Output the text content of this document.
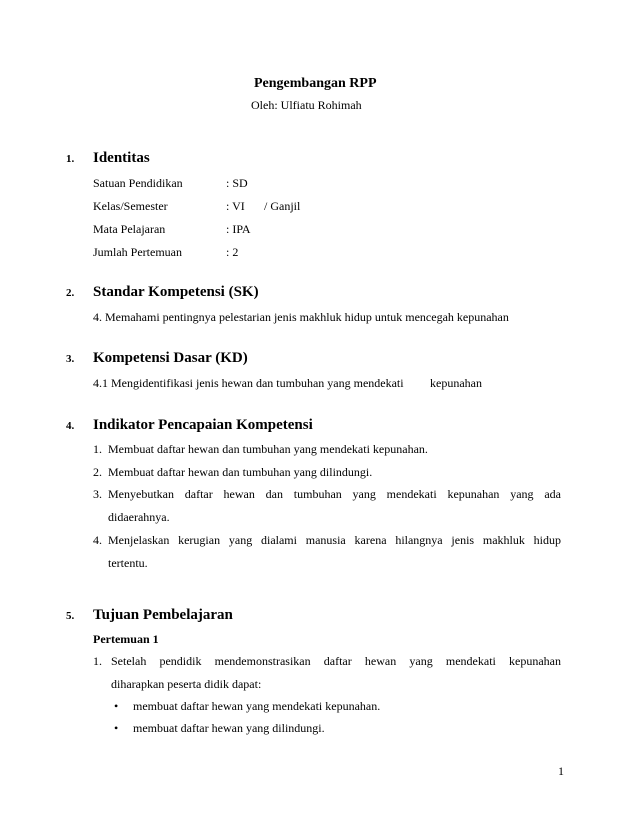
Pengembangan RPP
Oleh: Ulfiatu Rohimah
1. Identitas
Satuan Pendidikan	: SD
Kelas/Semester	: VI / Ganjil
Mata Pelajaran	: IPA
Jumlah Pertemuan	: 2
2. Standar Kompetensi (SK)
4. Memahami pentingnya pelestarian jenis makhluk hidup untuk mencegah kepunahan
3. Kompetensi Dasar (KD)
4.1 Mengidentifikasi jenis hewan dan tumbuhan yang mendekati kepunahan
4. Indikator Pencapaian Kompetensi
1. Membuat daftar hewan dan tumbuhan yang mendekati kepunahan.
2. Membuat daftar hewan dan tumbuhan yang dilindungi.
3. Menyebutkan daftar hewan dan tumbuhan yang mendekati kepunahan yang ada
didaerahnya.
4. Menjelaskan kerugian yang dialami manusia karena hilangnya jenis makhluk hidup
tertentu.
5. Tujuan Pembelajaran
Pertemuan 1
1. Setelah pendidik mendemonstrasikan daftar hewan yang mendekati kepunahan
diharapkan peserta didik dapat:
• membuat daftar hewan yang mendekati kepunahan.
• membuat daftar hewan yang dilindungi.
1
